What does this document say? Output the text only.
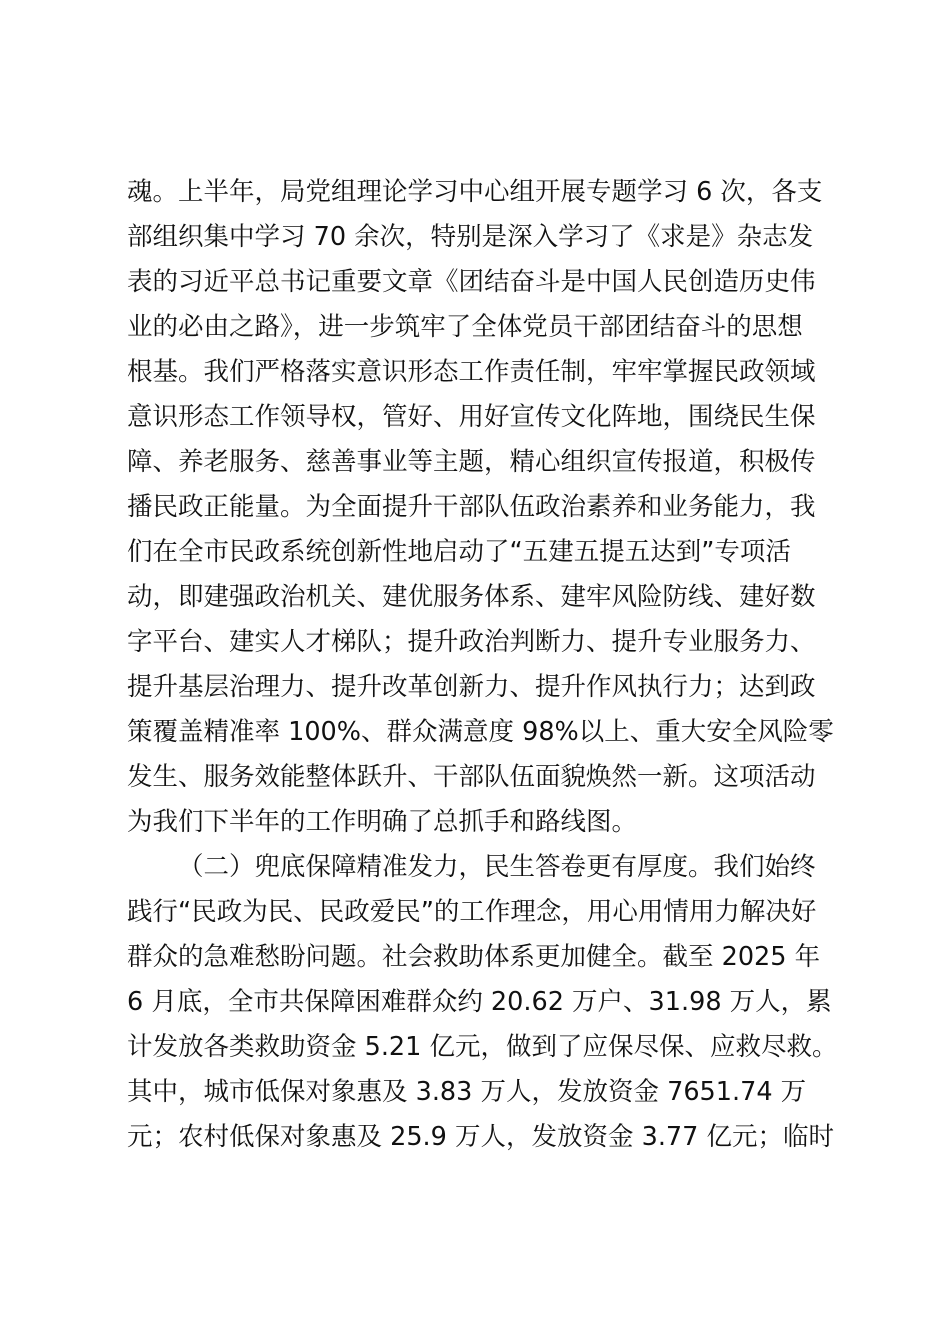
魂。上半年，局党组理论学习中心组开展专题学习 6 次，各支
部组织集中学习 70 余次，特别是深入学习了《求是》杂志发
表的习近平总书记重要文章《团结奋斗是中国人民创造历史伟
业的必由之路》，进一步筑牢了全体党员干部团结奋斗的思想
根基。我们严格落实意识形态工作责任制，牢牢掌握民政领域
意识形态工作领导权，管好、用好宣传文化阵地，围绕民生保
障、养老服务、慈善事业等主题，精心组织宣传报道，积极传
播民政正能量。为全面提升干部队伍政治素养和业务能力，我
们在全市民政系统创新性地启动了“五建五提五达到”专项活
动，即建强政治机关、建优服务体系、建牢风险防线、建好数
字平台、建实人才梯队；提升政治判断力、提升专业服务力、
提升基层治理力、提升改革创新力、提升作风执行力；达到政
策覆盖精准率 100%、群众满意度 98%以上、重大安全风险零
发生、服务效能整体跃升、干部队伍面貌焕然一新。这项活动
为我们下半年的工作明确了总抓手和路线图。
（二）兜底保障精准发力，民生答卷更有厚度。我们始终
践行“民政为民、民政爱民”的工作理念，用心用情用力解决好
群众的急难愁盼问题。社会救助体系更加健全。截至 2025 年
6 月底，全市共保障困难群众约 20.62 万户、31.98 万人，累
计发放各类救助资金 5.21 亿元，做到了应保尽保、应救尽救。
其中，城市低保对象惠及 3.83 万人，发放资金 7651.74 万
元；农村低保对象惠及 25.9 万人，发放资金 3.77 亿元；临时
